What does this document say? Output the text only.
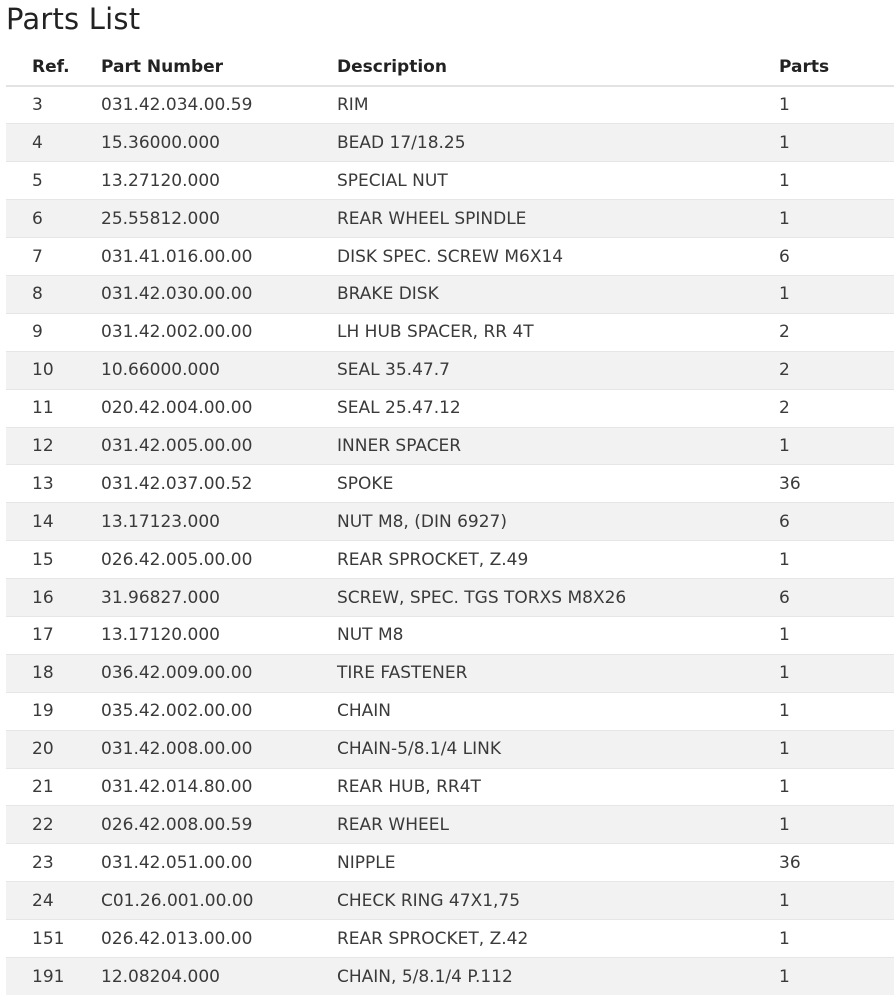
Parts List
Ref.	Part Number	Description	Parts
3	031.42.034.00.59	RIM	1
4	15.36000.000	BEAD 17/18.25	1
5	13.27120.000	SPECIAL NUT	1
6	25.55812.000	REAR WHEEL SPINDLE	1
7	031.41.016.00.00	DISK SPEC. SCREW M6X14	6
8	031.42.030.00.00	BRAKE DISK	1
9	031.42.002.00.00	LH HUB SPACER, RR 4T	2
10	10.66000.000	SEAL 35.47.7	2
11	020.42.004.00.00	SEAL 25.47.12	2
12	031.42.005.00.00	INNER SPACER	1
13	031.42.037.00.52	SPOKE	36
14	13.17123.000	NUT M8, (DIN 6927)	6
15	026.42.005.00.00	REAR SPROCKET, Z.49	1
16	31.96827.000	SCREW, SPEC. TGS TORXS M8X26	6
17	13.17120.000	NUT M8	1
18	036.42.009.00.00	TIRE FASTENER	1
19	035.42.002.00.00	CHAIN	1
20	031.42.008.00.00	CHAIN-5/8.1/4 LINK	1
21	031.42.014.80.00	REAR HUB, RR4T	1
22	026.42.008.00.59	REAR WHEEL	1
23	031.42.051.00.00	NIPPLE	36
24	C01.26.001.00.00	CHECK RING 47X1,75	1
151	026.42.013.00.00	REAR SPROCKET, Z.42	1
191	12.08204.000	CHAIN, 5/8.1/4 P.112	1
